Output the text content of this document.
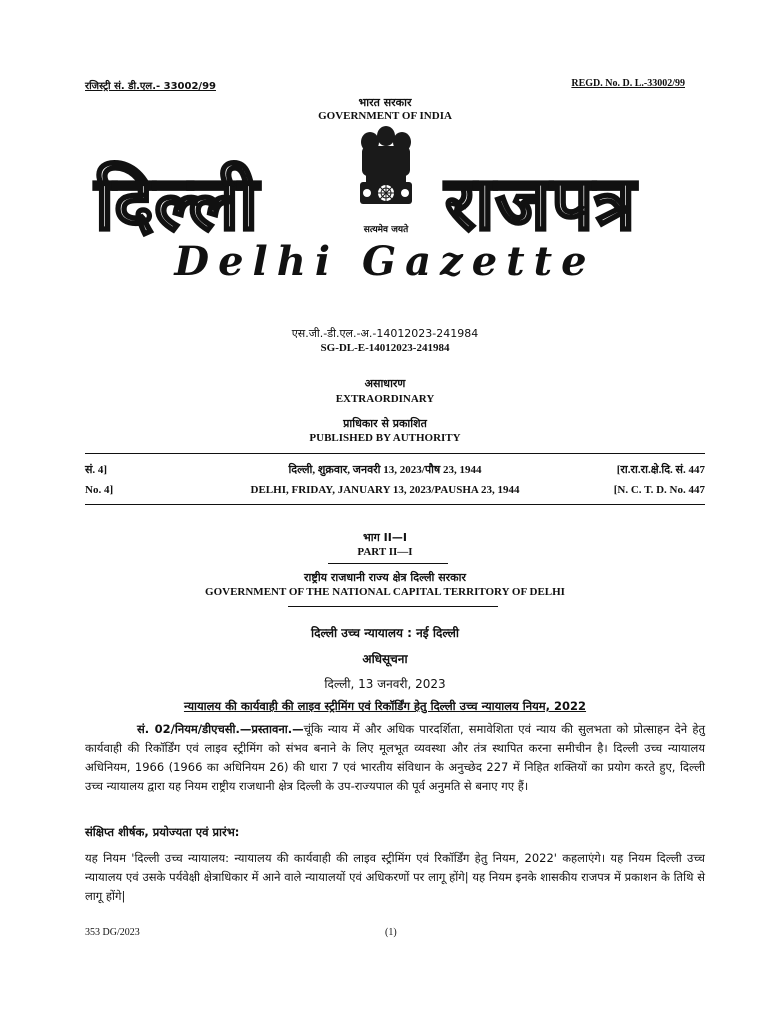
रजिस्ट्री सं. डी.एल.- 33002/99	REGD. No. D. L.-33002/99
भारत सरकार
GOVERNMENT OF INDIA
दिल्ली	राजपत्र
सत्यमेव जयते
Delhi Gazette
एस.जी.-डी.एल.-अ.-14012023-241984
SG-DL-E-14012023-241984
असाधारण
EXTRAORDINARY
प्राधिकार से प्रकाशित
PUBLISHED BY AUTHORITY
सं. 4]	दिल्ली, शुक्रवार, जनवरी 13, 2023/पौष 23, 1944	[रा.रा.रा.क्षे.दि. सं. 447
No. 4]	DELHI, FRIDAY, JANUARY 13, 2023/PAUSHA 23, 1944	[N. C. T. D. No. 447
भाग II—I
PART II—I
राष्ट्रीय राजधानी राज्य क्षेत्र दिल्ली सरकार
GOVERNMENT OF THE NATIONAL CAPITAL TERRITORY OF DELHI
दिल्ली उच्च न्यायालय : नई दिल्ली
अधिसूचना
दिल्ली, 13 जनवरी, 2023
न्यायालय की कार्यवाही की लाइव स्ट्रीमिंग एवं रिकॉर्डिंग हेतु दिल्ली उच्च न्यायालय नियम, 2022
सं. 02/नियम/डीएचसी.—प्रस्तावना.—चूंकि न्याय में और अधिक पारदर्शिता, समावेशिता एवं न्याय की सुलभता को प्रोत्साहन देने हेतु कार्यवाही की रिकॉर्डिंग एवं लाइव स्ट्रीमिंग को संभव बनाने के लिए मूलभूत व्यवस्था और तंत्र स्थापित करना समीचीन है। दिल्ली उच्च न्यायालय अधिनियम, 1966 (1966 का अधिनियम 26) की धारा 7 एवं भारतीय संविधान के अनुच्छेद 227 में निहित शक्तियों का प्रयोग करते हुए, दिल्ली उच्च न्यायालय द्वारा यह नियम राष्ट्रीय राजधानी क्षेत्र दिल्ली के उप-राज्यपाल की पूर्व अनुमति से बनाए गए हैं।
संक्षिप्त शीर्षक, प्रयोज्यता एवं प्रारंभ:
यह नियम 'दिल्ली उच्च न्यायालय: न्यायालय की कार्यवाही की लाइव स्ट्रीमिंग एवं रिकॉर्डिंग हेतु नियम, 2022' कहलाएंगे। यह नियम दिल्ली उच्च न्यायालय एवं उसके पर्यवेक्षी क्षेत्राधिकार में आने वाले न्यायालयों एवं अधिकरणों पर लागू होंगे| यह नियम इनके शासकीय राजपत्र में प्रकाशन के तिथि से लागू होंगे|
353 DG/2023	(1)
